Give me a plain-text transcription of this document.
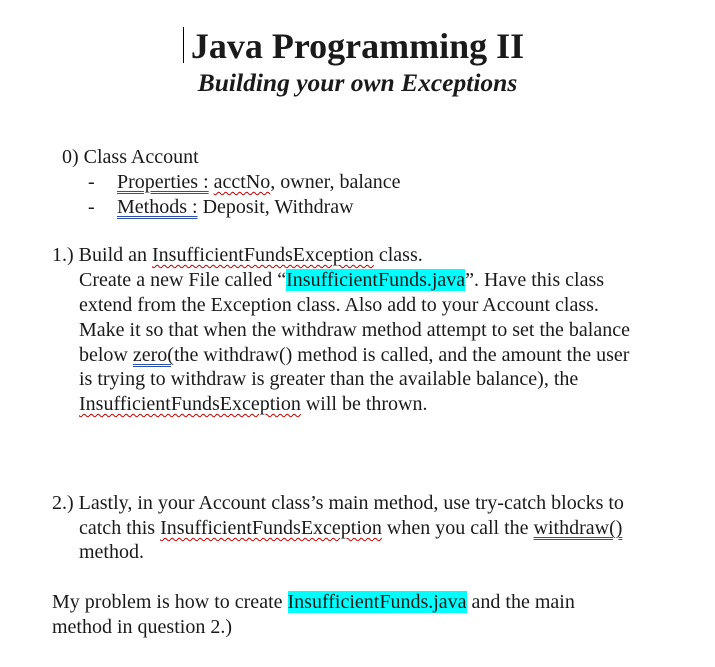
Java Programming II
Building your own Exceptions
0) Class Account
- Properties : acctNo, owner, balance
- Methods : Deposit, Withdraw
1.) Build an InsufficientFundsException class.
Create a new File called “InsufficientFunds.java”. Have this class
extend from the Exception class. Also add to your Account class.
Make it so that when the withdraw method attempt to set the balance
below zero(the withdraw() method is called, and the amount the user
is trying to withdraw is greater than the available balance), the
InsufficientFundsException will be thrown.
2.) Lastly, in your Account class’s main method, use try-catch blocks to
catch this InsufficientFundsException when you call the withdraw()
method.
My problem is how to create InsufficientFunds.java and the main
method in question 2.)
